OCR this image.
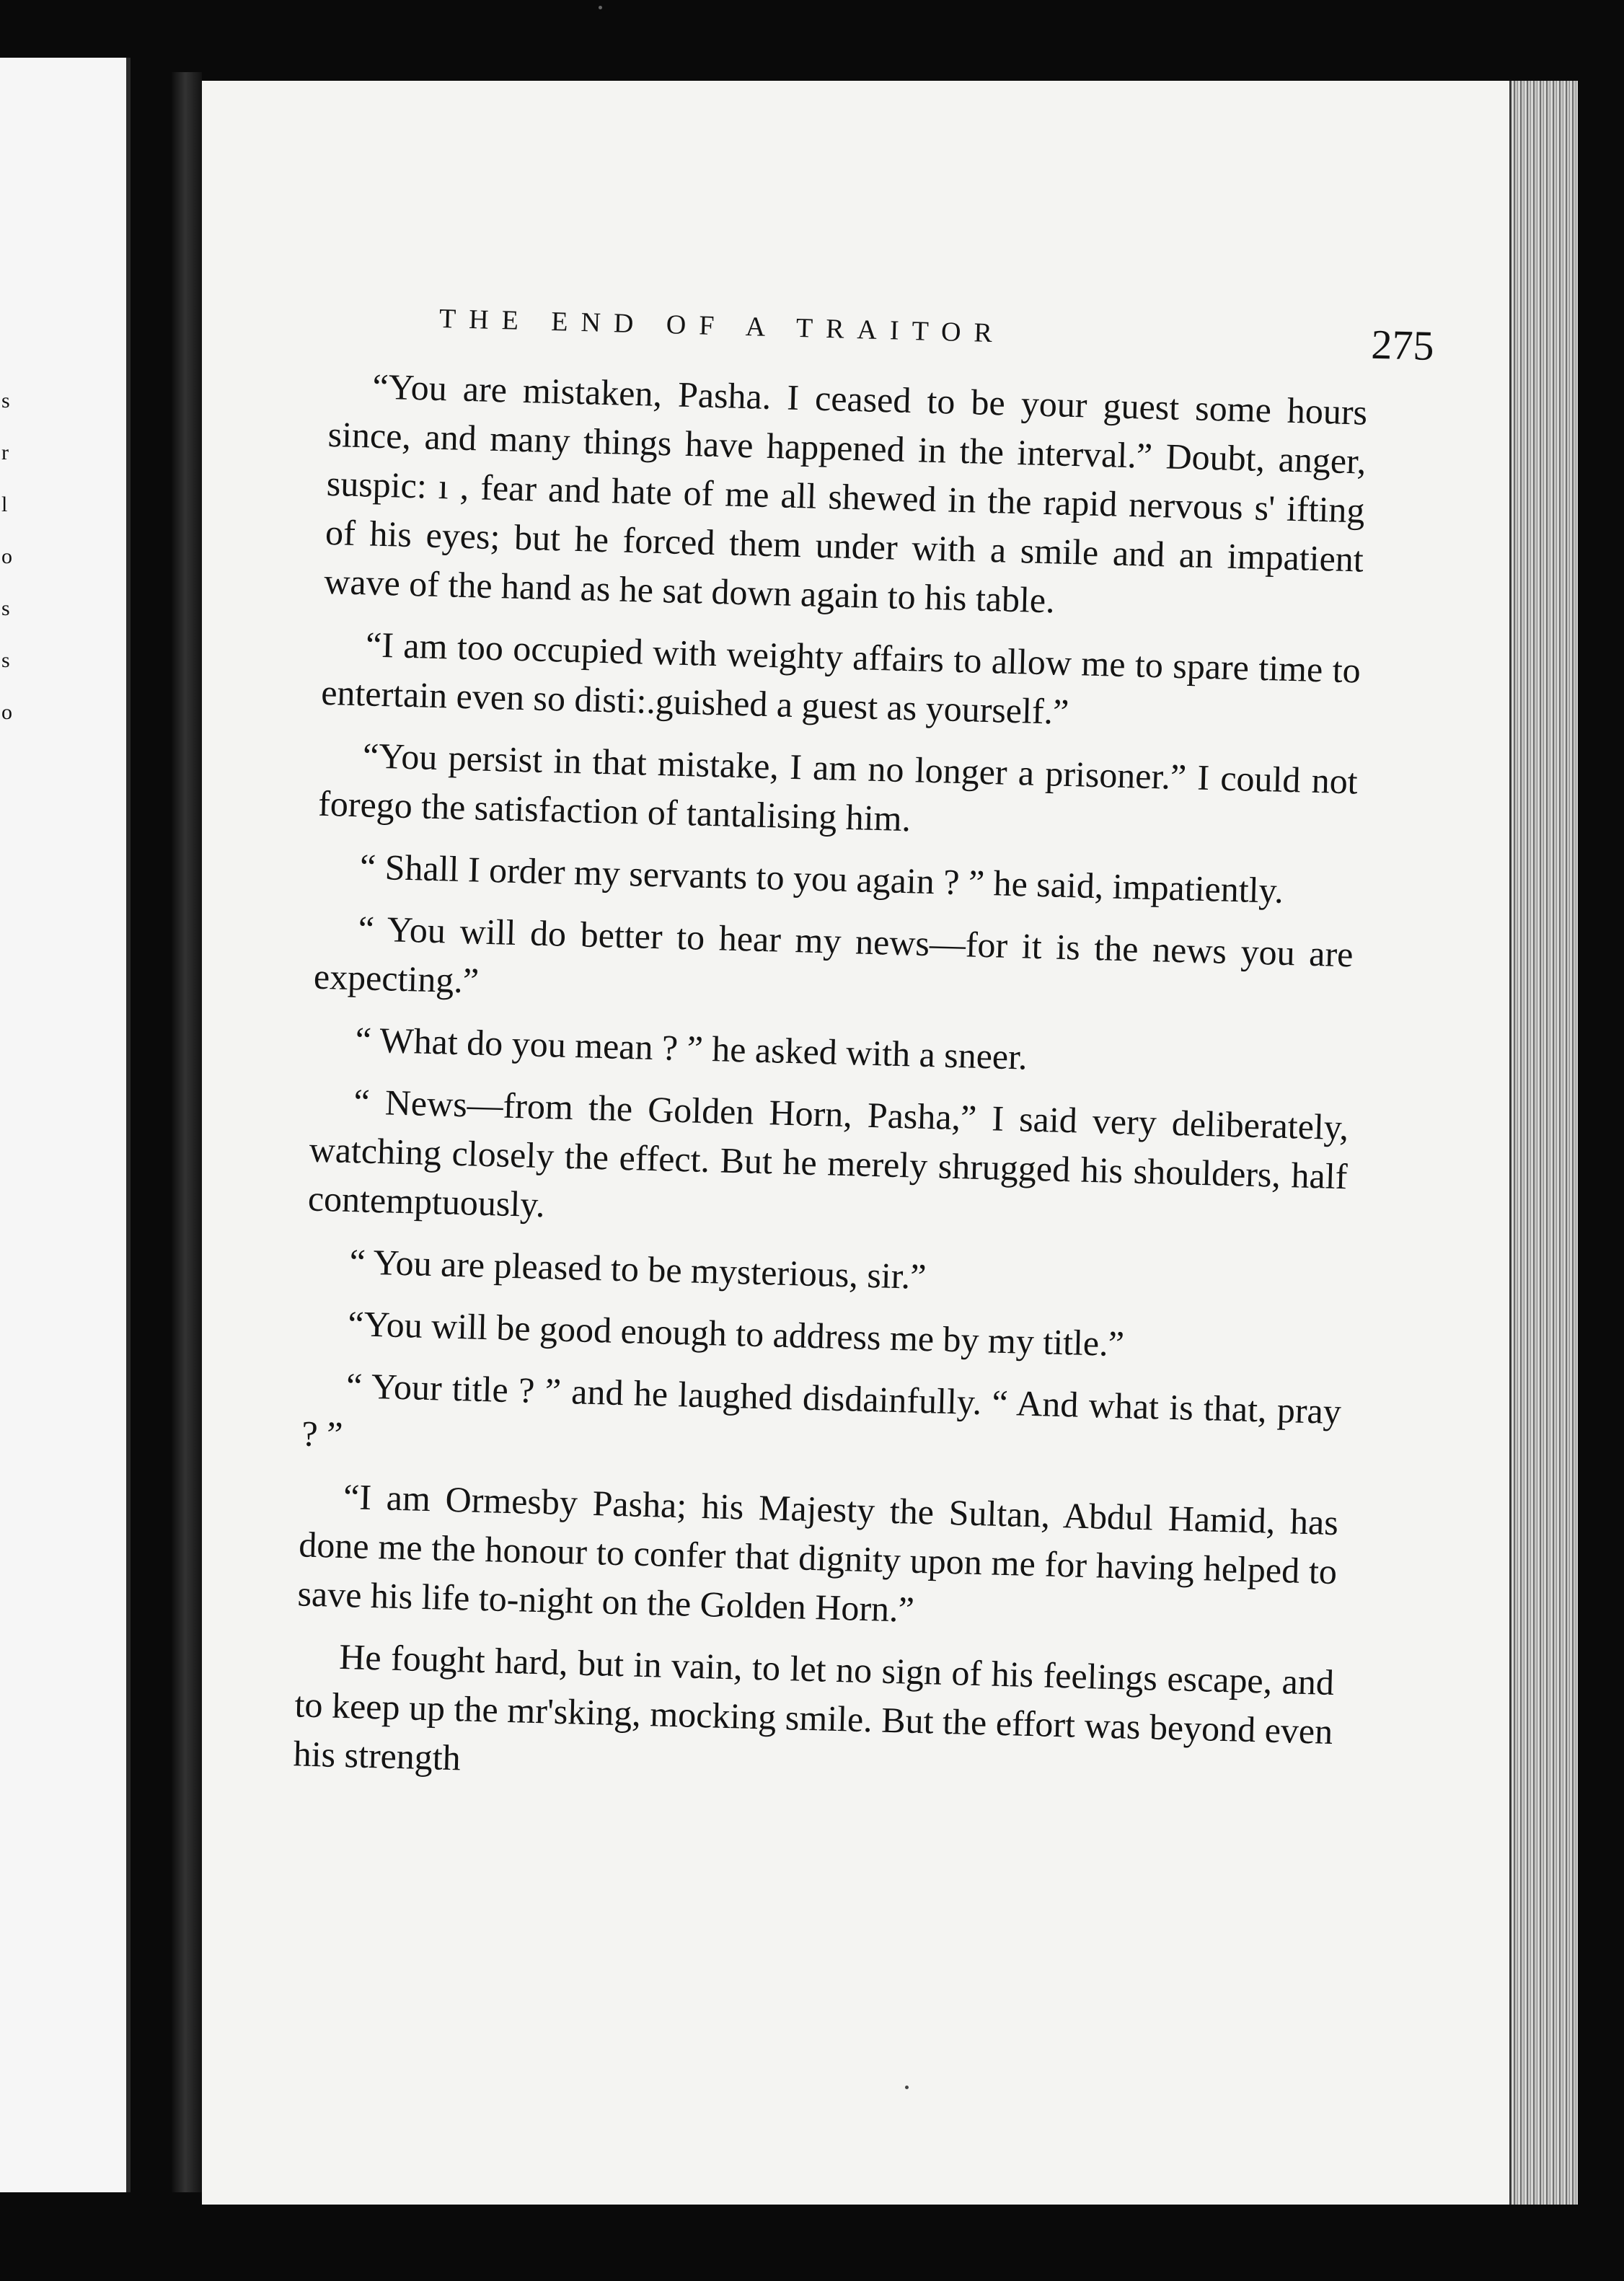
s
r
l
o
s
s
o
THE END OF A TRAITOR	275

“You are mistaken, Pasha. I ceased to be your guest some hours since, and many things have happened in the interval.” Doubt, anger, suspic: ı , fear and hate of me all shewed in the rapid nervous s' ifting of his eyes; but he forced them under with a smile and an impatient wave of the hand as he sat down again to his table.

“I am too occupied with weighty affairs to allow me to spare time to entertain even so disti:.guished a guest as yourself.”

“You persist in that mistake, I am no longer a prisoner.” I could not forego the satisfaction of tantalising him.

“ Shall I order my servants to you again ? ” he said, impatiently.

“ You will do better to hear my news—for it is the news you are expecting.”

“ What do you mean ? ” he asked with a sneer.

“ News—from the Golden Horn, Pasha,” I said very deliberately, watching closely the effect. But he merely shrugged his shoulders, half contemptuously.

“ You are pleased to be mysterious, sir.”

“You will be good enough to address me by my title.”

“ Your title ? ” and he laughed disdainfully. “ And what is that, pray ? ”

“I am Ormesby Pasha; his Majesty the Sultan, Abdul Hamid, has done me the honour to confer that dignity upon me for having helped to save his life to-night on the Golden Horn.”

He fought hard, but in vain, to let no sign of his feelings escape, and to keep up the mr'sking, mocking smile. But the effort was beyond even his strength
